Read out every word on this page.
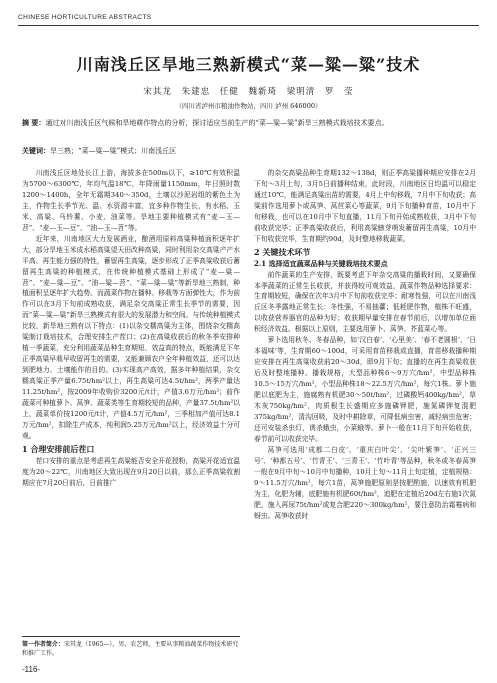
CHINESE HORTICULTURE ABSTRACTS
川南浅丘区旱地三熟新模式“菜—粱—粱”技术
宋其龙 朱建忠 任健 魏新琦 梁明清 罗 莹
（四川省泸州市粮油作物站，四川 泸州 646000）
摘 要：通过对川南浅丘区气候和旱地耕作特点的分析，探讨适应当前生产的“菜—粱—粱”新旱三熟模式栽培技术要点。
关键词：旱三熟；“菜—粱—粱”模式；川南浅丘区

川南浅丘区地处长江上游，海拔多在500m以下，≥10℃有效积温为5700～6300℃，年均气温18℃，年降雨量1150mm，年日照时数1200～1400h，全年无霜期340～350d，土壤以沙泥岩组的紫色土为主，作物生长季节光、温、水资源丰富，宜多种作物生长，有水稻、玉米、高粱、马铃薯、小麦、油菜等。旱地主要种植模式有“麦—玉—苕”、“麦—玉—豆”、“油—玉—苕”等。

近年来，川南地区大力发展酒业，酿酒用原料高粱种植面积逐年扩大，部分旱地玉米成水稻高粱望天田改种高粱，同时利用杂交高粱产产水平高、再生能力强的特性，蓄留再生高粱，逐步形成了正季高粱收获后蓄留再生高粱的种植模式，在传统种植模式基础上形成了“麦—粱—苕”、“麦—粱—豆”、“油—粱—苕”、“菜—粱—粱”等新旱地三熟制，种植面积呈逐年扩大趋势。而蔬菜作物在播种、移栽等方面弹性大，作为前作可以在3月下旬前成熟收获，满足杂交高粱正常生长季节的需要，因而“菜—粱—粱”新旱三熟模式有很大的发展潜力和空间。与传统种植模式比较，新旱地三熟有以下特点：(1)以杂交糯高粱为主体，围绕杂交糯高粱制订栽培技术，合理安排生产茬口；(2)在高粱收获后的秋冬季安排种植一季蔬菜，充分利用蔬菜品种生育期短、效益高的特点，既能满足下年正季高粱早栽早收留再生的需要，又能兼顾农户全年种植效益，还可以达到肥地力、土壤能作的目的。(3)实现高产高效，据多年种植结果，杂交糯高粱正季产量6.75t/hm²以上，再生高粱可达4.5t/hm²，两季产量达11.25t/hm²，按2009年收购价3200元/t计，产值3.6万元/hm²；前作蔬菜可种植萝卜、莴笋、蔬菜类等生育期较短的品种，产量37.5t/hm²以上，蔬菜单价按1200元/t计，产值4.5万元/hm²，三季相加产值可达8.1万元/hm²，扣除生产成本，纯利润5.25万元/hm²以上，经济效益十分可观。

1 合理安排前后茬口

茬口安排的重点是考虑再生高粱能否安全开花授粉，高粱开花适宜温度为20～22℃，川南地区大致出现在9月20日以前，那么正季高粱收割期应在7月20日前后，日前推广

的杂交高粱品种生育期132～138d，则正季高粱播种期应安排在2月下旬～3月上旬，3月5日前播种结束，此时段，川南地区日均温可以稳定通过10℃，能满足高粱出苗的需要，4月上中旬移栽，7月中下旬收获；高粱前作选用萝卜或莴笋、莴苣菜心等蔬菜，9月下旬播种育苗，10月中下旬移栽，也可以在10月中下旬直播，11月下旬开始成熟收获，3月中下旬前收获完毕；正季高粱收获后，利用高粱腋芽萌发蓄留再生高粱，10月中下旬收获完毕，生育期约90d，及时整地移栽蔬菜。

2 关键技术环节
2.1 选择适宜蔬菜品种与关键栽培技术要点

前作蔬菜的生产安排，既要考虑下年杂交高粱的播栽时间，又要确保本季蔬菜的正常生长收获，并获得较可观效益，蔬菜作物品种选择要求：生育期较短，确保在次年3月中下旬前收获完毕；耐寒性强，可以在川南浅丘区冬季露地正常生长：冬性强，不易抽薹；低耗肥作物，植株不旺盛，以收获营养器官的品种为好；收获期早量安排在春节前后，以增加单位面积经济效益。根据以上原则，主要选用萝卜、莴笋、芥蓝菜心等。

萝卜选用秋冬、冬春品种，如‘汉白春’、‘心里美’、‘春不老圆根’、‘日本福味’等，生育期60～100d，可采用育苗移栽或直播，育苗移栽播种期应安排在再生高粱收获前20～30d，即9月下旬；直播的在再生高粱收获后及时整地播种。播栽规格，大型品种株6～9万穴/hm²，中型品种株10.5～15万穴/hm²，小型品种株18～22.5万穴/hm²，每穴1株。萝卜施肥以底肥为主，施腐熟有机肥30～50t/hm²，过磷酸钙400kg/hm²，草木灰750kg/hm²，肉质根生长盛期应多施磷钾肥，施氮磷钾复混肥375kg/hm²，清沟回吸，及时中耕除草，可降低病虫害，减轻病虫危害；还可安装杀虫灯，诱杀蛾虫，小菜蛾等。萝卜一般在11月下旬开始收获，春节前可以收获完毕。

莴笋可选用‘成都二白皮’、‘重庆白叶尖’、‘尖叶紫笋’、‘正兴三号’、‘种都五号’、‘竹青王’、‘三青王’、‘竹叶青’等品种，秋冬或冬春莴笋一般在9月中旬～10月中旬播种，10月上旬～11月上旬定植，定植规格：9～11.5万穴/hm²，每穴1苗，莴笋施肥原则是按肥酌施，以速效有机肥为主，化肥为辅，底肥施有机肥60t/hm²，追肥在定植后20d左右施1次氮肥，施入再尿75t/hm²或复合肥220～300kg/hm²，要注意防治霜霉病和蚜虫。莴笋收获时

第一作者简介：宋其龙（1965—），男，农艺师，主要从事粮油蔬菜作物技术研究和推广工作。
-116-
